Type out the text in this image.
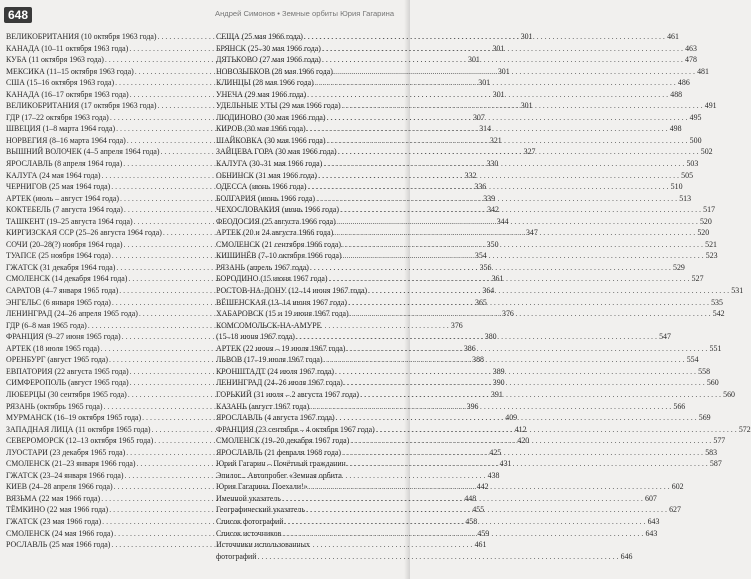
648	Андрей Симонов • Земные орбиты Юрия Гагарина
ВЕЛИКОБРИТАНИЯ (10 октября 1963 года) . . .	301
КАНАДА (10–11 октября 1963 года) . . .	301
КУБА (11 октября 1963 года) . . .	301
МЕКСИКА (11–15 октября 1963 года) . . .	301
США (15–16 октября 1963 года) . . .	301
КАНАДА (16–17 октября 1963 года) . . .	301
ВЕЛИКОБРИТАНИЯ (17 октября 1963 года) . . .	301
ГДР (17–22 октября 1963 года) . . .	307
ШВЕЦИЯ (1–8 марта 1964 года) . . .	314
НОРВЕГИЯ (8–16 марта 1964 года) . . .	321
ВЫШНИЙ ВОЛОЧЕК (4–5 апреля 1964 года) . . .	327
ЯРОСЛАВЛЬ (8 апреля 1964 года) . . .	330
КАЛУГА (24 мая 1964 года) . . .	332
ЧЕРНИГОВ (25 мая 1964 года) . . .	336
АРТЕК (июль – август 1964 года) . . .	339
КОКТЕБЕЛЬ (7 августа 1964 года) . . .	342
ТАШКЕНТ (19–25 августа 1964 года) . . .	344
КИРГИЗСКАЯ ССР (25–26 августа 1964 года) . . .	347
СОЧИ (20–28(?) ноября 1964 года) . . .	350
ТУАПСЕ (25 ноября 1964 года) . . .	354
ГЖАТСК (31 декабря 1964 года) . . .	356
СМОЛЕНСК (14 декабря 1964 года) . . .	361
САРАТОВ (4–7 января 1965 года) . . .	364
ЭНГЕЛЬС (6 января 1965 года) . . .	365
ЛЕНИНГРАД (24–26 апреля 1965 года) . . .	376
ГДР (6–8 мая 1965 года) . . .	376
ФРАНЦИЯ (9–27 июня 1965 года) . . .	380
АРТЕК (18 июля 1965 года) . . .	386
ОРЕНБУРГ (август 1965 года) . . .	388
ЕВПАТОРИЯ (22 августа 1965 года) . . .	389
СИМФЕРОПОЛЬ (август 1965 года) . . .	390
ЛЮБЕРЦЫ (30 сентября 1965 года) . . .	391
РЯЗАНЬ (октябрь 1965 года) . . .	396
МУРМАНСК (16–19 октября 1965 года) . . .	409
ЗАПАДНАЯ ЛИЦА (11 октября 1965 года) . . .	412
СЕВЕРОМОРСК (12–13 октября 1965 года) . . .	420
ЛУОСТАРИ (23 декабря 1965 года) . . .	425
СМОЛЕНСК (21–23 января 1966 года) . . .	431
ГЖАТСК (23–24 января 1966 года) . . .	438
КИЕВ (24–28 апреля 1966 года) . . .	442
ВЯЗЬМА (22 мая 1966 года) . . .	448
ТЁМКИНО (22 мая 1966 года) . . .	455
ГЖАТСК (23 мая 1966 года) . . .	458
СМОЛЕНСК (24 мая 1966 года) . . .	459
РОСЛАВЛЬ (25 мая 1966 года) . . .	461
СЕЩА (25 мая 1966 года) . . .	461
БРЯНСК (25–30 мая 1966 года) . . .	463
ДЯТЬКОВО (27 мая 1966 года) . . .	478
НОВОЗЫБКОВ (28 мая 1966 года) . . .	481
КЛИНЦЫ (28 мая 1966 года) . . .	486
УНЕЧА (29 мая 1966 года) . . .	488
УДЕЛЬНЫЕ УТЫ (29 мая 1966 года) . . .	491
ЛЮДИНОВО (30 мая 1966 года) . . .	495
КИРОВ (30 мая 1966 года) . . .	498
ШАЙКОВКА (30 мая 1966 года) . . .	500
ЗАЙЦЕВА ГОРА (30 мая 1966 года) . . .	502
КАЛУГА (30–31 мая 1966 года) . . .	503
ОБНИНСК (31 мая 1966 года) . . .	505
ОДЕССА (июнь 1966 года) . . .	510
БОЛГАРИЯ (июнь 1966 года) . . .	513
ЧЕХОСЛОВАКИЯ (июнь 1966 года) . . .	517
ФЕОДОСИЯ (25 августа 1966 года) . . .	520
АРТЕК (20 и 24 августа 1966 года) . . .	520
СМОЛЕНСК (21 сентября 1966 года) . . .	521
КИШИНЁВ (7–10 октября 1966 года) . . .	523
РЯЗАНЬ (апрель 1967 года) . . .	529
БОРОДИНО (15 июня 1967 года) . . .	527
РОСТОВ-НА-ДОНУ (12–14 июня 1967 года) . . .	531
ВЁШЕНСКАЯ (13–14 июня 1967 года) . . .	535
ХАБАРОВСК (15 и 19 июня 1967 года) . . .	542
КОМСОМОЛЬСК-НА-АМУРЕ
(15–18 июня 1967 года) . . .	547
АРТЕК (22 июня – 19 июля 1967 года) . . .	551
ЛЬВОВ (17–19 июля 1967 года) . . .	554
КРОНШТАДТ (24 июля 1967 года) . . .	558
ЛЕНИНГРАД (24–26 июля 1967 года) . . .	560
ГОРЬКИЙ (31 июля – 2 августа 1967 года) . . .	560
КАЗАНЬ (август 1967 года) . . .	566
ЯРОСЛАВЛЬ (4 августа 1967 года) . . .	569
ФРАНЦИЯ (23 сентября – 4 октября 1967 года) . . .	572
СМОЛЕНСК (19–20 декабря 1967 года) . . .	577
ЯРОСЛАВЛЬ (21 февраля 1968 года) . . .	583
Юрий Гагарин – Почётный гражданин . . .	587
Эпилог... Автопробег «Земная орбита
Юрия Гагарина. Поехали!» . . .	602
Именной указатель . . .	607
Географический указатель . . .	627
Список фотографий . . .	643
Список источников . . .	643
Источники использованных
фотографий . . .	646
